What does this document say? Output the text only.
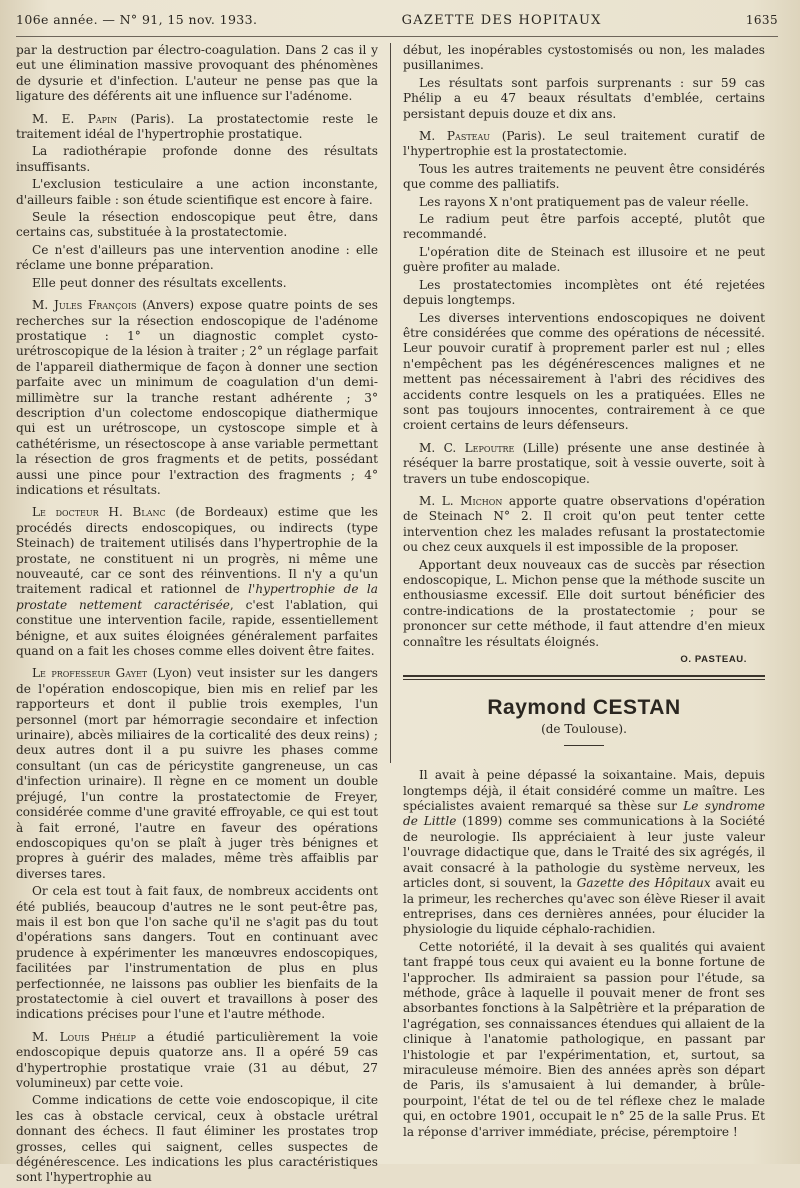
106e année. — N° 91, 15 nov. 1933.	GAZETTE DES HOPITAUX	1635

par la destruction par électro-coagulation. Dans 2 cas il y eut une élimination massive provoquant des phénomènes de dysurie et d'infection. L'auteur ne pense pas que la ligature des déférents ait une influence sur l'adénome.

M. E. Papin (Paris). La prostatectomie reste le traitement idéal de l'hypertrophie prostatique.

La radiothérapie profonde donne des résultats insuffisants.

L'exclusion testiculaire a une action inconstante, d'ailleurs faible : son étude scientifique est encore à faire.

Seule la résection endoscopique peut être, dans certains cas, substituée à la prostatectomie.

Ce n'est d'ailleurs pas une intervention anodine : elle réclame une bonne préparation.

Elle peut donner des résultats excellents.

M. Jules François (Anvers) expose quatre points de ses recherches sur la résection endoscopique de l'adénome prostatique : 1° un diagnostic complet cysto-urétroscopique de la lésion à traiter ; 2° un réglage parfait de l'appareil diathermique de façon à donner une section parfaite avec un minimum de coagulation d'un demi-millimètre sur la tranche restant adhérente ; 3° description d'un colectome endoscopique diathermique qui est un urétroscope, un cystoscope simple et à cathétérisme, un résectoscope à anse variable permettant la résection de gros fragments et de petits, possédant aussi une pince pour l'extraction des fragments ; 4° indications et résultats.

Le docteur H. Blanc (de Bordeaux) estime que les procédés directs endoscopiques, ou indirects (type Steinach) de traitement utilisés dans l'hypertrophie de la prostate, ne constituent ni un progrès, ni même une nouveauté, car ce sont des réinventions. Il n'y a qu'un traitement radical et rationnel de l'hypertrophie de la prostate nettement caractérisée, c'est l'ablation, qui constitue une intervention facile, rapide, essentiellement bénigne, et aux suites éloignées généralement parfaites quand on a fait les choses comme elles doivent être faites.

Le professeur Gayet (Lyon) veut insister sur les dangers de l'opération endoscopique, bien mis en relief par les rapporteurs et dont il publie trois exemples, l'un personnel (mort par hémorragie secondaire et infection urinaire), abcès miliaires de la corticalité des deux reins) ; deux autres dont il a pu suivre les phases comme consultant (un cas de péricystite gangreneuse, un cas d'infection urinaire). Il règne en ce moment un double préjugé, l'un contre la prostatectomie de Freyer, considérée comme d'une gravité effroyable, ce qui est tout à fait erroné, l'autre en faveur des opérations endoscopiques qu'on se plaît à juger très bénignes et propres à guérir des malades, même très affaiblis par diverses tares.

Or cela est tout à fait faux, de nombreux accidents ont été publiés, beaucoup d'autres ne le sont peut-être pas, mais il est bon que l'on sache qu'il ne s'agit pas du tout d'opérations sans dangers. Tout en continuant avec prudence à expérimenter les manœuvres endoscopiques, facilitées par l'instrumentation de plus en plus perfectionnée, ne laissons pas oublier les bienfaits de la prostatectomie à ciel ouvert et travaillons à poser des indications précises pour l'une et l'autre méthode.

M. Louis Phélip a étudié particulièrement la voie endoscopique depuis quatorze ans. Il a opéré 59 cas d'hypertrophie prostatique vraie (31 au début, 27 volumineux) par cette voie.

Comme indications de cette voie endoscopique, il cite les cas à obstacle cervical, ceux à obstacle urétral donnant des échecs. Il faut éliminer les prostates trop grosses, celles qui saignent, celles suspectes de dégénérescence. Les indications les plus caractéristiques sont l'hypertrophie au

début, les inopérables cystostomisés ou non, les malades pusillanimes.

Les résultats sont parfois surprenants : sur 59 cas Phélip a eu 47 beaux résultats d'emblée, certains persistant depuis douze et dix ans.

M. Pasteau (Paris). Le seul traitement curatif de l'hypertrophie est la prostatectomie.

Tous les autres traitements ne peuvent être considérés que comme des palliatifs.

Les rayons X n'ont pratiquement pas de valeur réelle.

Le radium peut être parfois accepté, plutôt que recommandé.

L'opération dite de Steinach est illusoire et ne peut guère profiter au malade.

Les prostatectomies incomplètes ont été rejetées depuis longtemps.

Les diverses interventions endoscopiques ne doivent être considérées que comme des opérations de nécessité. Leur pouvoir curatif à proprement parler est nul ; elles n'empêchent pas les dégénérescences malignes et ne mettent pas nécessairement à l'abri des récidives des accidents contre lesquels on les a pratiquées. Elles ne sont pas toujours innocentes, contrairement à ce que croient certains de leurs défenseurs.

M. C. Lepoutre (Lille) présente une anse destinée à réséquer la barre prostatique, soit à vessie ouverte, soit à travers un tube endoscopique.

M. L. Michon apporte quatre observations d'opération de Steinach N° 2. Il croit qu'on peut tenter cette intervention chez les malades refusant la prostatectomie ou chez ceux auxquels il est impossible de la proposer.

Apportant deux nouveaux cas de succès par résection endoscopique, L. Michon pense que la méthode suscite un enthousiasme excessif. Elle doit surtout bénéficier des contre-indications de la prostatectomie ; pour se prononcer sur cette méthode, il faut attendre d'en mieux connaître les résultats éloignés.

O. PASTEAU.
Raymond CESTAN
(de Toulouse).

Il avait à peine dépassé la soixantaine. Mais, depuis longtemps déjà, il était considéré comme un maître. Les spécialistes avaient remarqué sa thèse sur Le syndrome de Little (1899) comme ses communications à la Société de neurologie. Ils appréciaient à leur juste valeur l'ouvrage didactique que, dans le Traité des six agrégés, il avait consacré à la pathologie du système nerveux, les articles dont, si souvent, la Gazette des Hôpitaux avait eu la primeur, les recherches qu'avec son élève Rieser il avait entreprises, dans ces dernières années, pour élucider la physiologie du liquide céphalo-rachidien.

Cette notoriété, il la devait à ses qualités qui avaient tant frappé tous ceux qui avaient eu la bonne fortune de l'approcher. Ils admiraient sa passion pour l'étude, sa méthode, grâce à laquelle il pouvait mener de front ses absorbantes fonctions à la Salpêtrière et la préparation de l'agrégation, ses connaissances étendues qui allaient de la clinique à l'anatomie pathologique, en passant par l'histologie et par l'expérimentation, et, surtout, sa miraculeuse mémoire. Bien des années après son départ de Paris, ils s'amusaient à lui demander, à brûle-pourpoint, l'état de tel ou de tel réflexe chez le malade qui, en octobre 1901, occupait le n° 25 de la salle Prus. Et la réponse d'arriver immédiate, précise, péremptoire !
